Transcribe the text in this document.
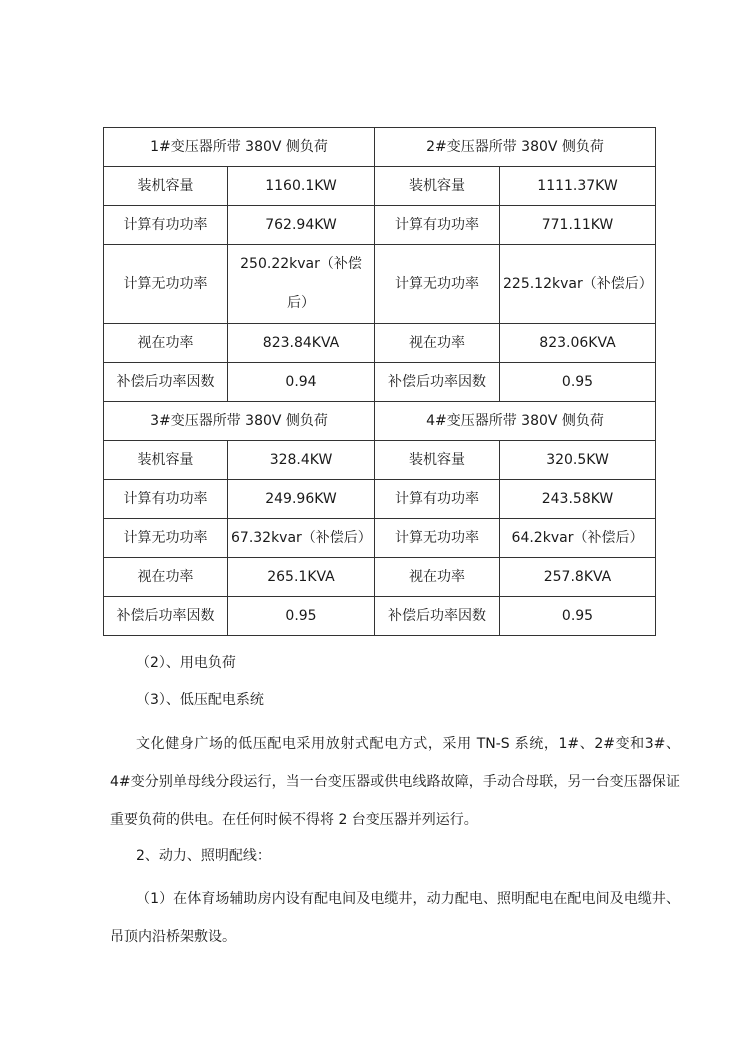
1#变压器所带 380V 侧负荷		2#变压器所带 380V 侧负荷	
装机容量	1160.1KW	装机容量	1111.37KW
计算有功功率	762.94KW	计算有功功率	771.11KW
计算无功功率	250.22kvar（补偿后）	计算无功功率	225.12kvar（补偿后）
视在功率	823.84KVA	视在功率	823.06KVA
补偿后功率因数	0.94	补偿后功率因数	0.95
3#变压器所带 380V 侧负荷		4#变压器所带 380V 侧负荷	
装机容量	328.4KW	装机容量	320.5KW
计算有功功率	249.96KW	计算有功功率	243.58KW
计算无功功率	67.32kvar（补偿后）	计算无功功率	64.2kvar（补偿后）
视在功率	265.1KVA	视在功率	257.8KVA
补偿后功率因数	0.95	补偿后功率因数	0.95

（2）、用电负荷

（3）、低压配电系统

文化健身广场的低压配电采用放射式配电方式，采用 TN-S 系统，1#、2#变和3#、4#变分别单母线分段运行，当一台变压器或供电线路故障，手动合母联，另一台变压器保证重要负荷的供电。在任何时候不得将 2 台变压器并列运行。

2、动力、照明配线：

（1）在体育场辅助房内设有配电间及电缆井，动力配电、照明配电在配电间及电缆井、吊顶内沿桥架敷设。
